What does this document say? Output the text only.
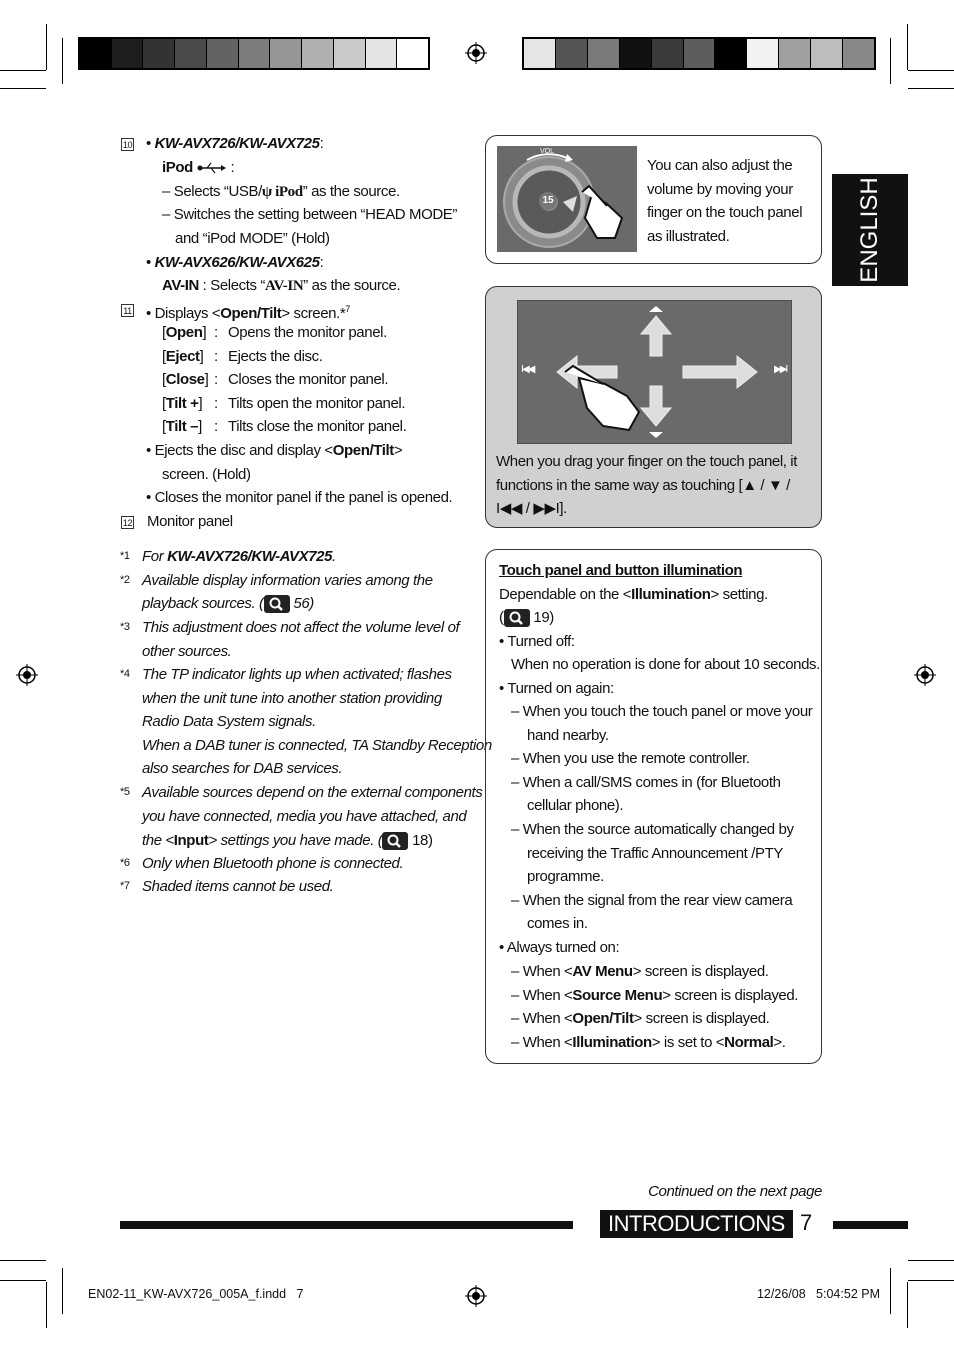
10 • KW-AVX726/KW-AVX725:
iPod  :
– Selects “USB/ψ iPod” as the source.
– Switches the setting between “HEAD MODE”
and “iPod MODE” (Hold)
• KW-AVX626/KW-AVX625:
AV-IN : Selects “AV-IN” as the source.
11 • Displays <Open/Tilt> screen.*$^7$
[Open] : Opens the monitor panel.
[Eject] : Ejects the disc.
[Close] : Closes the monitor panel.
[Tilt +] : Tilts open the monitor panel.
[Tilt –] : Tilts close the monitor panel.
• Ejects the disc and display <Open/Tilt>
screen. (Hold)
• Closes the monitor panel if the panel is opened.
12 Monitor panel
*1 For KW-AVX726/KW-AVX725.
*2 Available display information varies among the
playback sources. ( 56)
*3 This adjustment does not affect the volume level of
other sources.
*4 The TP indicator lights up when activated; flashes
when the unit tune into another station providing
Radio Data System signals.
When a DAB tuner is connected, TA Standby Reception
also searches for DAB services.
*5 Available sources depend on the external components
you have connected, media you have attached, and
the <Input> settings you have made. ( 18)
*6 Only when Bluetooth phone is connected.
*7 Shaded items cannot be used.
VOL
15
You can also adjust the
volume by moving your
finger on the touch panel
as illustrated.
I◀◀	▶▶I
When you drag your finger on the touch panel, it
functions in the same way as touching [▲ / ▼ /
I◀◀ / ▶▶I].
Touch panel and button illumination
Dependable on the <Illumination> setting.
( 19)
• Turned off:
When no operation is done for about 10 seconds.
• Turned on again:
– When you touch the touch panel or move your
hand nearby.
– When you use the remote controller.
– When a call/SMS comes in (for Bluetooth
cellular phone).
– When the source automatically changed by
receiving the Traffic Announcement /PTY
programme.
– When the signal from the rear view camera
comes in.
• Always turned on:
– When <AV Menu> screen is displayed.
– When <Source Menu> screen is displayed.
– When <Open/Tilt> screen is displayed.
– When <Illumination> is set to <Normal>.
ENGLISH
Continued on the next page
INTRODUCTIONS 7
EN02-11_KW-AVX726_005A_f.indd   7	12/26/08   5:04:52 PM
